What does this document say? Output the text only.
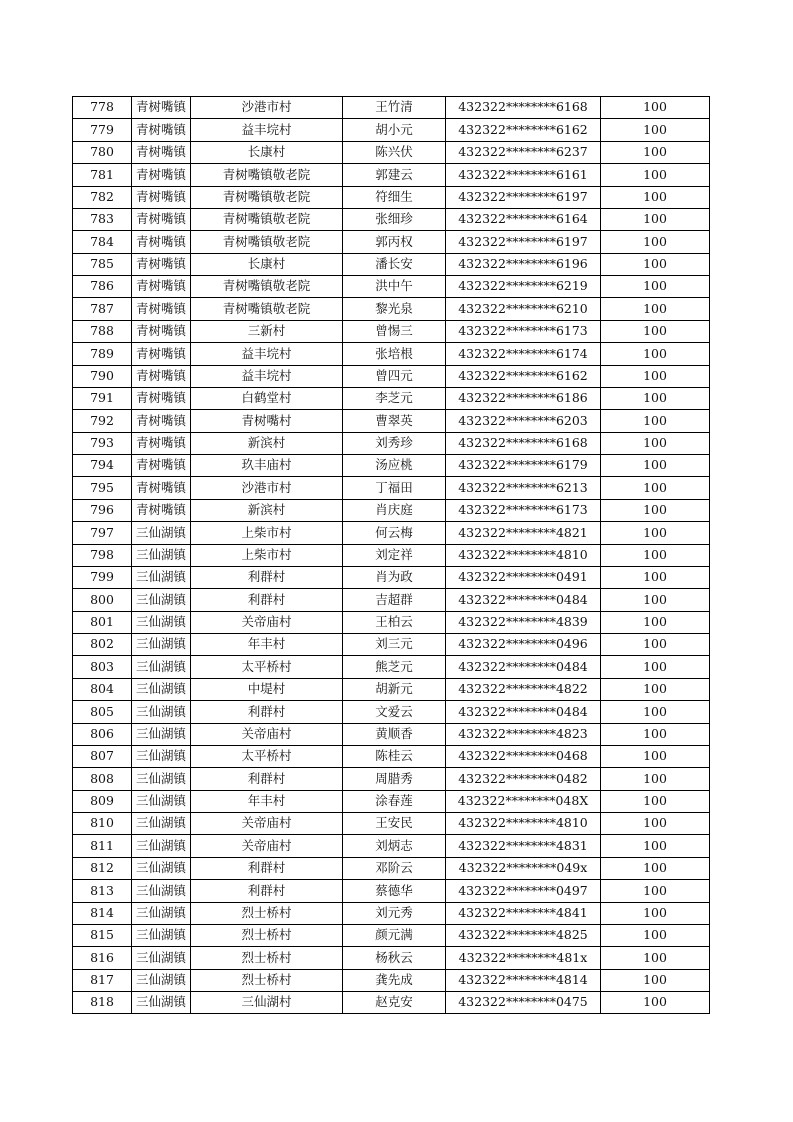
778	青树嘴镇	沙港市村	王竹清	432322********6168	100
779	青树嘴镇	益丰垸村	胡小元	432322********6162	100
780	青树嘴镇	长康村	陈兴伏	432322********6237	100
781	青树嘴镇	青树嘴镇敬老院	郭建云	432322********6161	100
782	青树嘴镇	青树嘴镇敬老院	符细生	432322********6197	100
783	青树嘴镇	青树嘴镇敬老院	张细珍	432322********6164	100
784	青树嘴镇	青树嘴镇敬老院	郭丙权	432322********6197	100
785	青树嘴镇	长康村	潘长安	432322********6196	100
786	青树嘴镇	青树嘴镇敬老院	洪中午	432322********6219	100
787	青树嘴镇	青树嘴镇敬老院	黎光泉	432322********6210	100
788	青树嘴镇	三新村	曾惕三	432322********6173	100
789	青树嘴镇	益丰垸村	张培根	432322********6174	100
790	青树嘴镇	益丰垸村	曾四元	432322********6162	100
791	青树嘴镇	白鹤堂村	李芝元	432322********6186	100
792	青树嘴镇	青树嘴村	曹翠英	432322********6203	100
793	青树嘴镇	新滨村	刘秀珍	432322********6168	100
794	青树嘴镇	玖丰庙村	汤应桃	432322********6179	100
795	青树嘴镇	沙港市村	丁福田	432322********6213	100
796	青树嘴镇	新滨村	肖庆庭	432322********6173	100
797	三仙湖镇	上柴市村	何云梅	432322********4821	100
798	三仙湖镇	上柴市村	刘定祥	432322********4810	100
799	三仙湖镇	利群村	肖为政	432322********0491	100
800	三仙湖镇	利群村	吉超群	432322********0484	100
801	三仙湖镇	关帝庙村	王柏云	432322********4839	100
802	三仙湖镇	年丰村	刘三元	432322********0496	100
803	三仙湖镇	太平桥村	熊芝元	432322********0484	100
804	三仙湖镇	中堤村	胡新元	432322********4822	100
805	三仙湖镇	利群村	文爱云	432322********0484	100
806	三仙湖镇	关帝庙村	黄顺香	432322********4823	100
807	三仙湖镇	太平桥村	陈桂云	432322********0468	100
808	三仙湖镇	利群村	周腊秀	432322********0482	100
809	三仙湖镇	年丰村	涂春莲	432322********048X	100
810	三仙湖镇	关帝庙村	王安民	432322********4810	100
811	三仙湖镇	关帝庙村	刘炳志	432322********4831	100
812	三仙湖镇	利群村	邓阶云	432322********049x	100
813	三仙湖镇	利群村	蔡德华	432322********0497	100
814	三仙湖镇	烈士桥村	刘元秀	432322********4841	100
815	三仙湖镇	烈士桥村	颜元满	432322********4825	100
816	三仙湖镇	烈士桥村	杨秋云	432322********481x	100
817	三仙湖镇	烈士桥村	龚先成	432322********4814	100
818	三仙湖镇	三仙湖村	赵克安	432322********0475	100
